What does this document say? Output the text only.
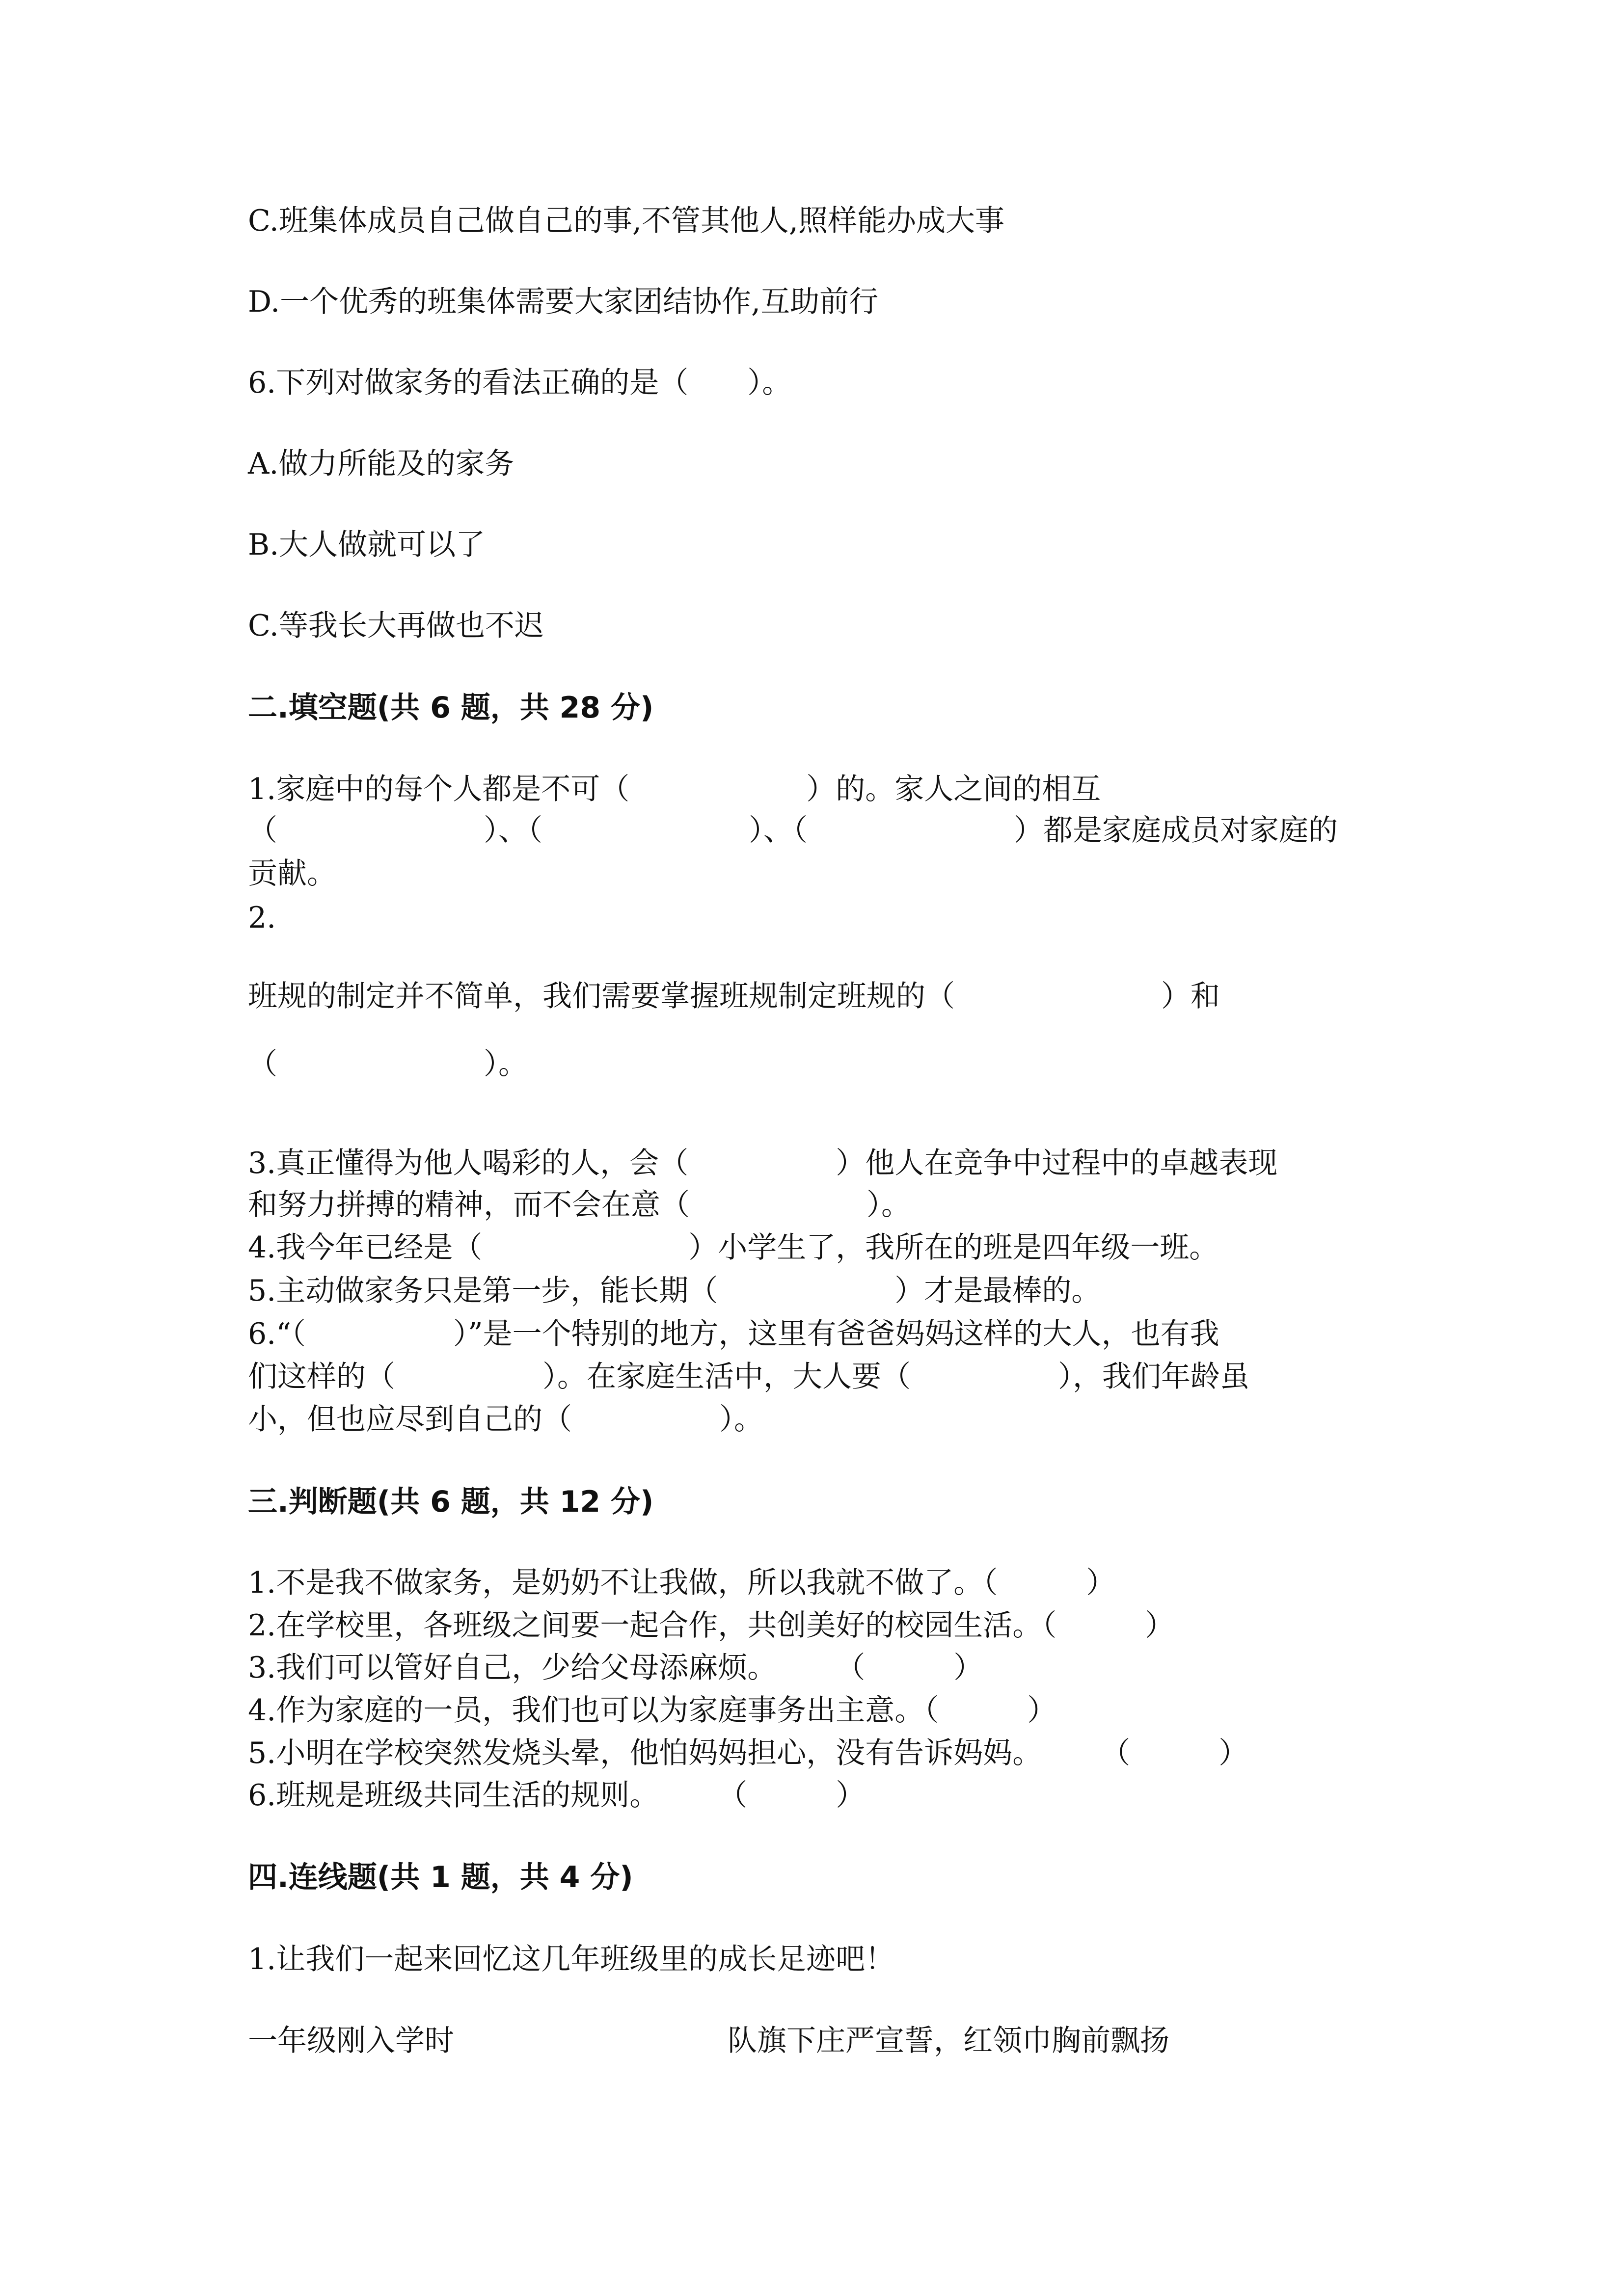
C.班集体成员自己做自己的事,不管其他人,照样能办成大事
D.一个优秀的班集体需要大家团结协作,互助前行
6.下列对做家务的看法正确的是（　　）。
A.做力所能及的家务
B.大人做就可以了
C.等我长大再做也不迟
二.填空题(共 6 题，共 28 分)
1.家庭中的每个人都是不可（　　　　　　）的。家人之间的相互
（　　　　　　　）、（　　　　　　　）、（　　　　　　　）都是家庭成员对家庭的
贡献。
2.
班规的制定并不简单，我们需要掌握班规制定班规的（　　　　　　　）和
（　　　　　　　）。
3.真正懂得为他人喝彩的人，会（　　　　　）他人在竞争中过程中的卓越表现
和努力拼搏的精神，而不会在意（　　　　　　）。
4.我今年已经是（　　　　　　　）小学生了，我所在的班是四年级一班。
5.主动做家务只是第一步，能长期（　　　　　　）才是最棒的。
6.“（　　　　　）”是一个特别的地方，这里有爸爸妈妈这样的大人，也有我
们这样的（　　　　　）。在家庭生活中，大人要（　　　　　），我们年龄虽
小，但也应尽到自己的（　　　　　）。
三.判断题(共 6 题，共 12 分)
1.不是我不做家务，是奶奶不让我做，所以我就不做了。（　　　）
2.在学校里，各班级之间要一起合作，共创美好的校园生活。（　　　）
3.我们可以管好自己，少给父母添麻烦。　　　（　　　）
4.作为家庭的一员，我们也可以为家庭事务出主意。（　　　）
5.小明在学校突然发烧头晕，他怕妈妈担心，没有告诉妈妈。　　　（　　　）
6.班规是班级共同生活的规则。　　　（　　　）
四.连线题(共 1 题，共 4 分)
1.让我们一起来回忆这几年班级里的成长足迹吧！
一年级刚入学时	队旗下庄严宣誓，红领巾胸前飘扬
